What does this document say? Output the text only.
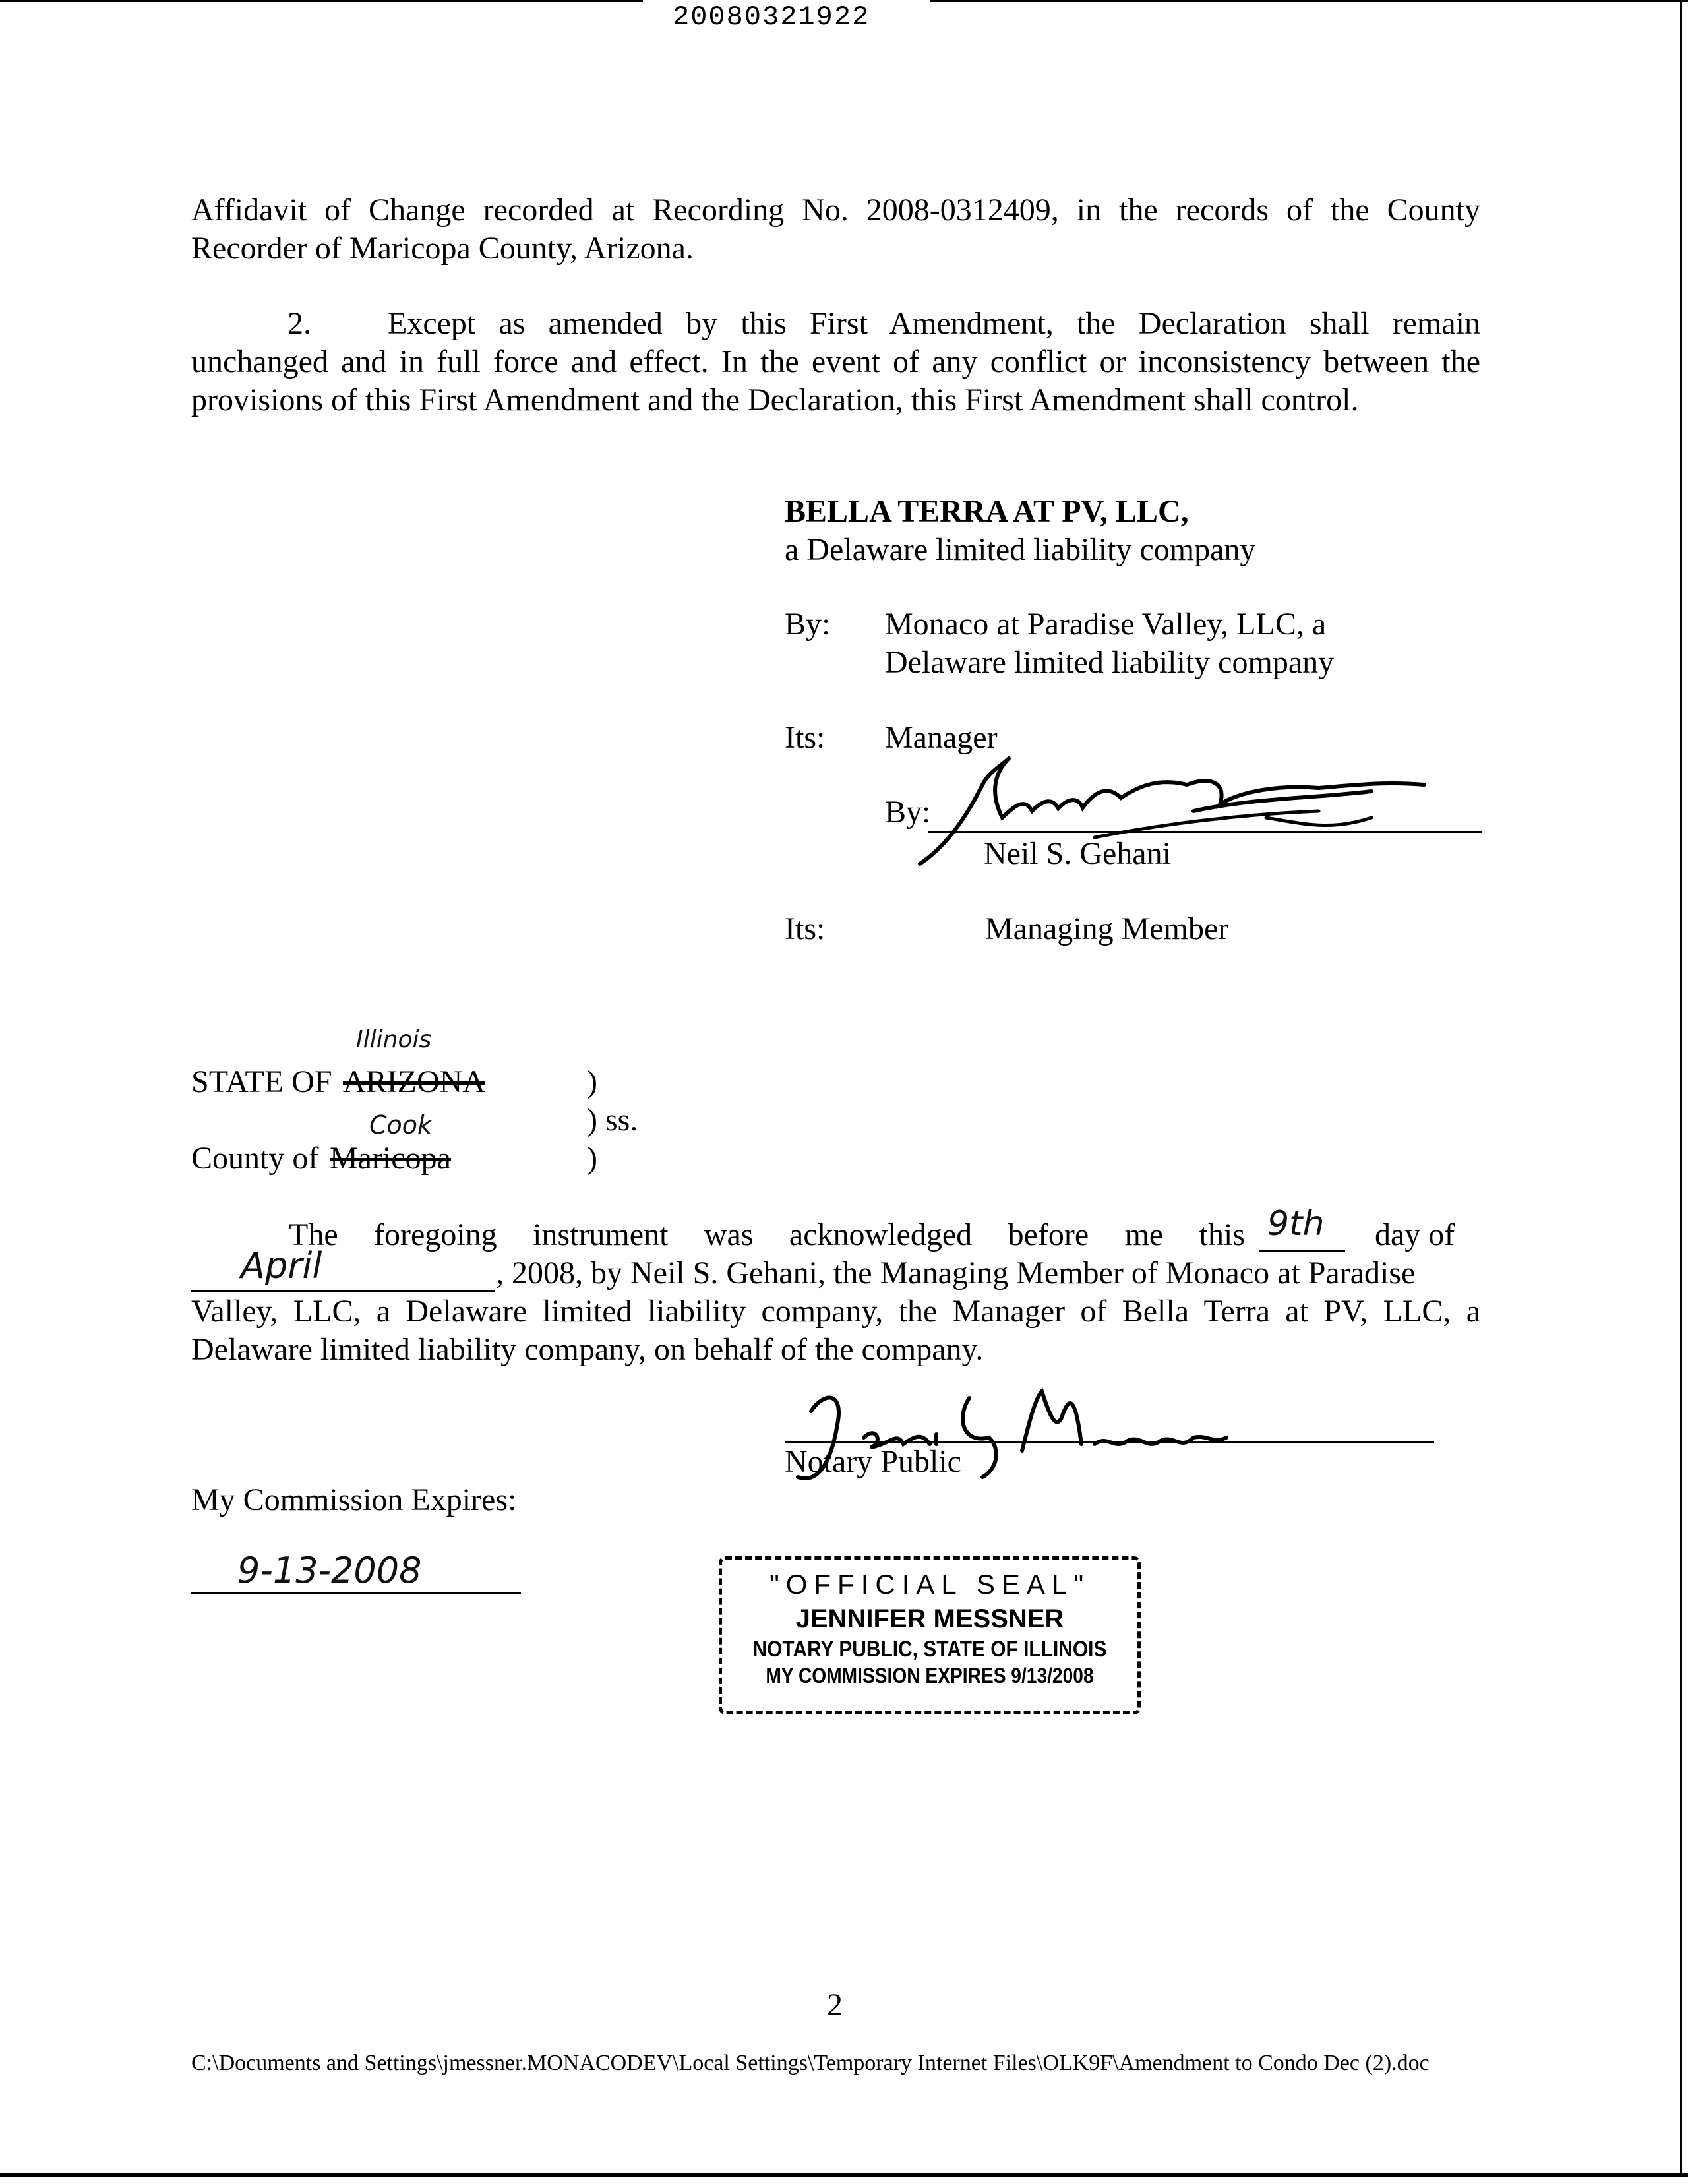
20080321922
Affidavit of Change recorded at Recording No. 2008-0312409, in the records of the County
Recorder of Maricopa County, Arizona.
2. Except as amended by this First Amendment, the Declaration shall remain
unchanged and in full force and effect. In the event of any conflict or inconsistency between the
provisions of this First Amendment and the Declaration, this First Amendment shall control.
BELLA TERRA AT PV, LLC,
a Delaware limited liability company
By: Monaco at Paradise Valley, LLC, a
Delaware limited liability company
Its: Manager
By:
Neil S. Gehani
Its:	Managing Member
Illinois
STATE OF ARIZONA	)
) ss.
Cook
County of Maricopa	)
The foregoing instrument was acknowledged before me this 9th day of
April	, 2008, by Neil S. Gehani, the Managing Member of Monaco at Paradise
Valley, LLC, a Delaware limited liability company, the Manager of Bella Terra at PV, LLC, a
Delaware limited liability company, on behalf of the company.
Notary Public
My Commission Expires:
9-13-2008	"OFFICIAL SEAL"
JENNIFER MESSNER
NOTARY PUBLIC, STATE OF ILLINOIS
MY COMMISSION EXPIRES 9/13/2008
2
C:\Documents and Settings\jmessner.MONACODEV\Local Settings\Temporary Internet Files\OLK9F\Amendment to Condo Dec (2).doc
